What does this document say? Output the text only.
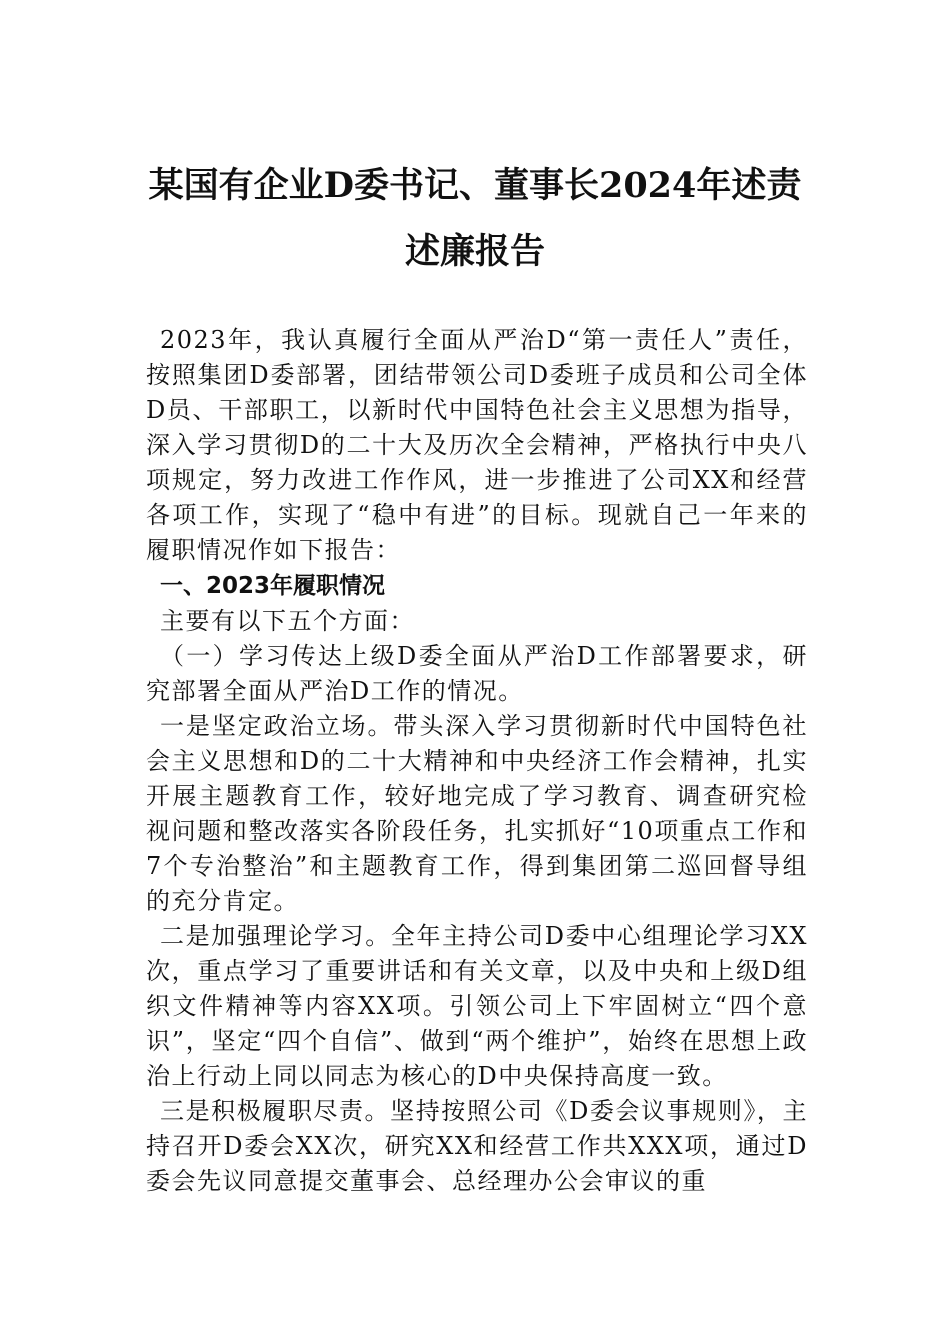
某国有企业D委书记、董事长2024年述责
述廉报告

2023年，我认真履行全面从严治D“第一责任人”责任，按照集团D委部署，团结带领公司D委班子成员和公司全体D员、干部职工，以新时代中国特色社会主义思想为指导，深入学习贯彻D的二十大及历次全会精神，严格执行中央八项规定，努力改进工作作风，进一步推进了公司XX和经营各项工作，实现了“稳中有进”的目标。现就自己一年来的履职情况作如下报告：

一、2023年履职情况

主要有以下五个方面：

（一）学习传达上级D委全面从严治D工作部署要求，研究部署全面从严治D工作的情况。

一是坚定政治立场。带头深入学习贯彻新时代中国特色社会主义思想和D的二十大精神和中央经济工作会精神，扎实开展主题教育工作，较好地完成了学习教育、调查研究检视问题和整改落实各阶段任务，扎实抓好“10项重点工作和7个专治整治”和主题教育工作，得到集团第二巡回督导组的充分肯定。

二是加强理论学习。全年主持公司D委中心组理论学习XX次，重点学习了重要讲话和有关文章，以及中央和上级D组织文件精神等内容XX项。引领公司上下牢固树立“四个意识”，坚定“四个自信”、做到“两个维护”，始终在思想上政治上行动上同以同志为核心的D中央保持高度一致。

三是积极履职尽责。坚持按照公司《D委会议事规则》，主持召开D委会XX次，研究XX和经营工作共XXX项，通过D委会先议同意提交董事会、总经理办公会审议的重
